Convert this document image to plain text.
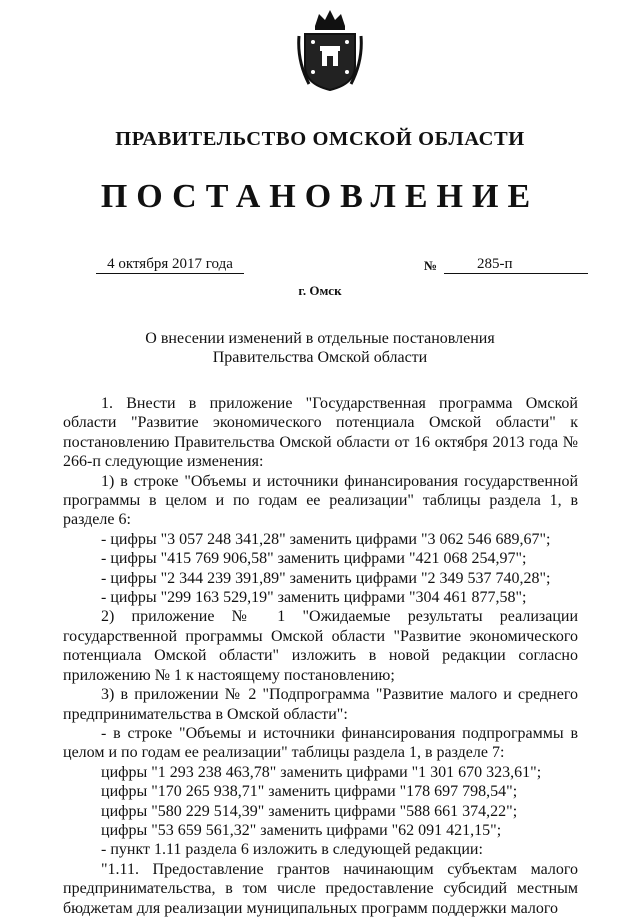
ПРАВИТЕЛЬСТВО ОМСКОЙ ОБЛАСТИ
ПОСТАНОВЛЕНИЕ
4 октября 2017 года	№	285-п
г. Омск
О внесении изменений в отдельные постановления
Правительства Омской области

1. Внести в приложение "Государственная программа Омской области "Развитие экономического потенциала Омской области" к постановлению Правительства Омской области от 16 октября 2013 года № 266-п следующие изменения:

1) в строке "Объемы и источники финансирования государственной программы в целом и по годам ее реализации" таблицы раздела 1, в разделе 6:

- цифры "3 057 248 341,28" заменить цифрами "3 062 546 689,67";

- цифры "415 769 906,58" заменить цифрами "421 068 254,97";

- цифры "2 344 239 391,89" заменить цифрами "2 349 537 740,28";

- цифры "299 163 529,19" заменить цифрами "304 461 877,58";

2) приложение № 1 "Ожидаемые результаты реализации государственной программы Омской области "Развитие экономического потенциала Омской области" изложить в новой редакции согласно приложению № 1 к настоящему постановлению;

3) в приложении № 2 "Подпрограмма "Развитие малого и среднего предпринимательства в Омской области":

- в строке "Объемы и источники финансирования подпрограммы в целом и по годам ее реализации" таблицы раздела 1, в разделе 7:

цифры "1 293 238 463,78" заменить цифрами "1 301 670 323,61";

цифры "170 265 938,71" заменить цифрами "178 697 798,54";

цифры "580 229 514,39" заменить цифрами "588 661 374,22";

цифры "53 659 561,32" заменить цифрами "62 091 421,15";

- пункт 1.11 раздела 6 изложить в следующей редакции:

"1.11. Предоставление грантов начинающим субъектам малого предпринимательства, в том числе предоставление субсидий местным бюджетам для реализации муниципальных программ поддержки малого
